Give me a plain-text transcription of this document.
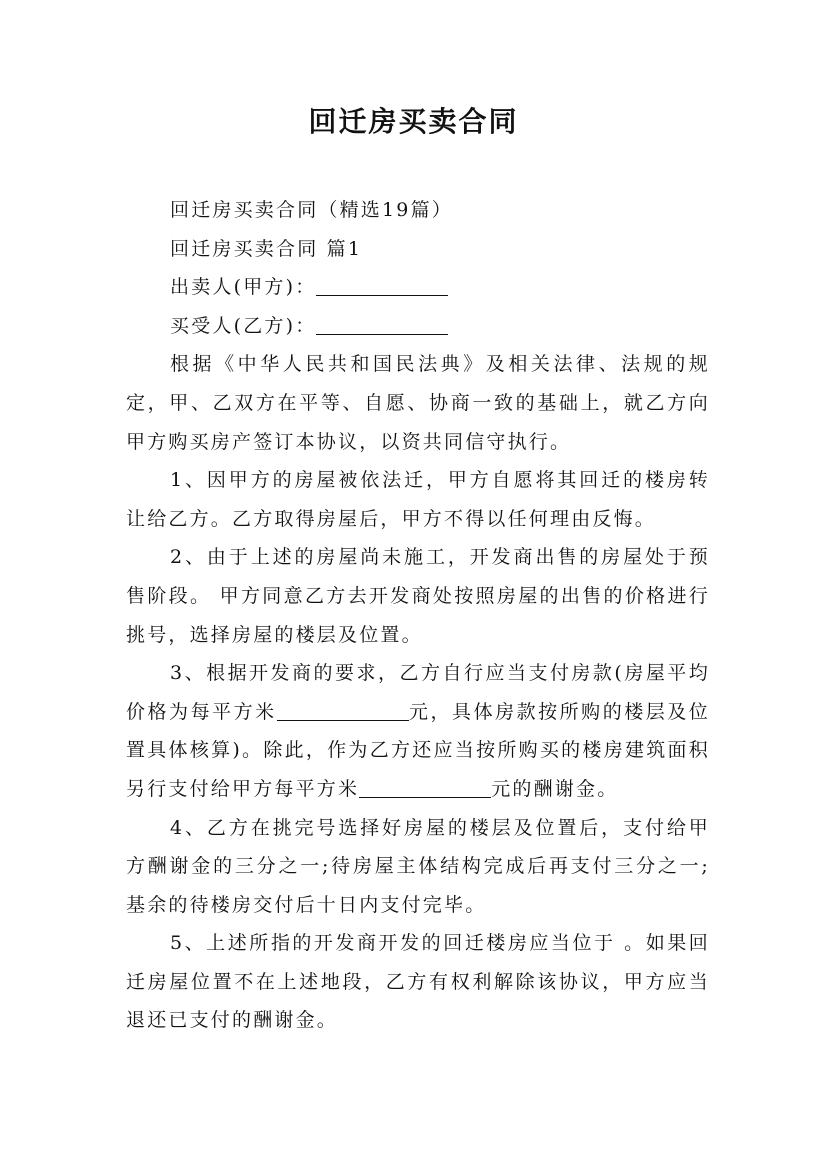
回迁房买卖合同

回迁房买卖合同（精选19篇）

回迁房买卖合同 篇1

出卖人(甲方)：

买受人(乙方)：

根据《中华人民共和国民法典》及相关法律、法规的规定，甲、乙双方在平等、自愿、协商一致的基础上，就乙方向甲方购买房产签订本协议，以资共同信守执行。

1、因甲方的房屋被依法迁，甲方自愿将其回迁的楼房转让给乙方。乙方取得房屋后，甲方不得以任何理由反悔。

2、由于上述的房屋尚未施工，开发商出售的房屋处于预售阶段。 甲方同意乙方去开发商处按照房屋的出售的价格进行挑号，选择房屋的楼层及位置。

3、根据开发商的要求，乙方自行应当支付房款(房屋平均价格为每平方米	元，具体房款按所购的楼层及位置具体核算)。除此，作为乙方还应当按所购买的楼房建筑面积另行支付给甲方每平方米	元的酬谢金。

4、乙方在挑完号选择好房屋的楼层及位置后，支付给甲方酬谢金的三分之一;待房屋主体结构完成后再支付三分之一;基余的待楼房交付后十日内支付完毕。

5、上述所指的开发商开发的回迁楼房应当位于 。如果回迁房屋位置不在上述地段，乙方有权利解除该协议，甲方应当退还已支付的酬谢金。
